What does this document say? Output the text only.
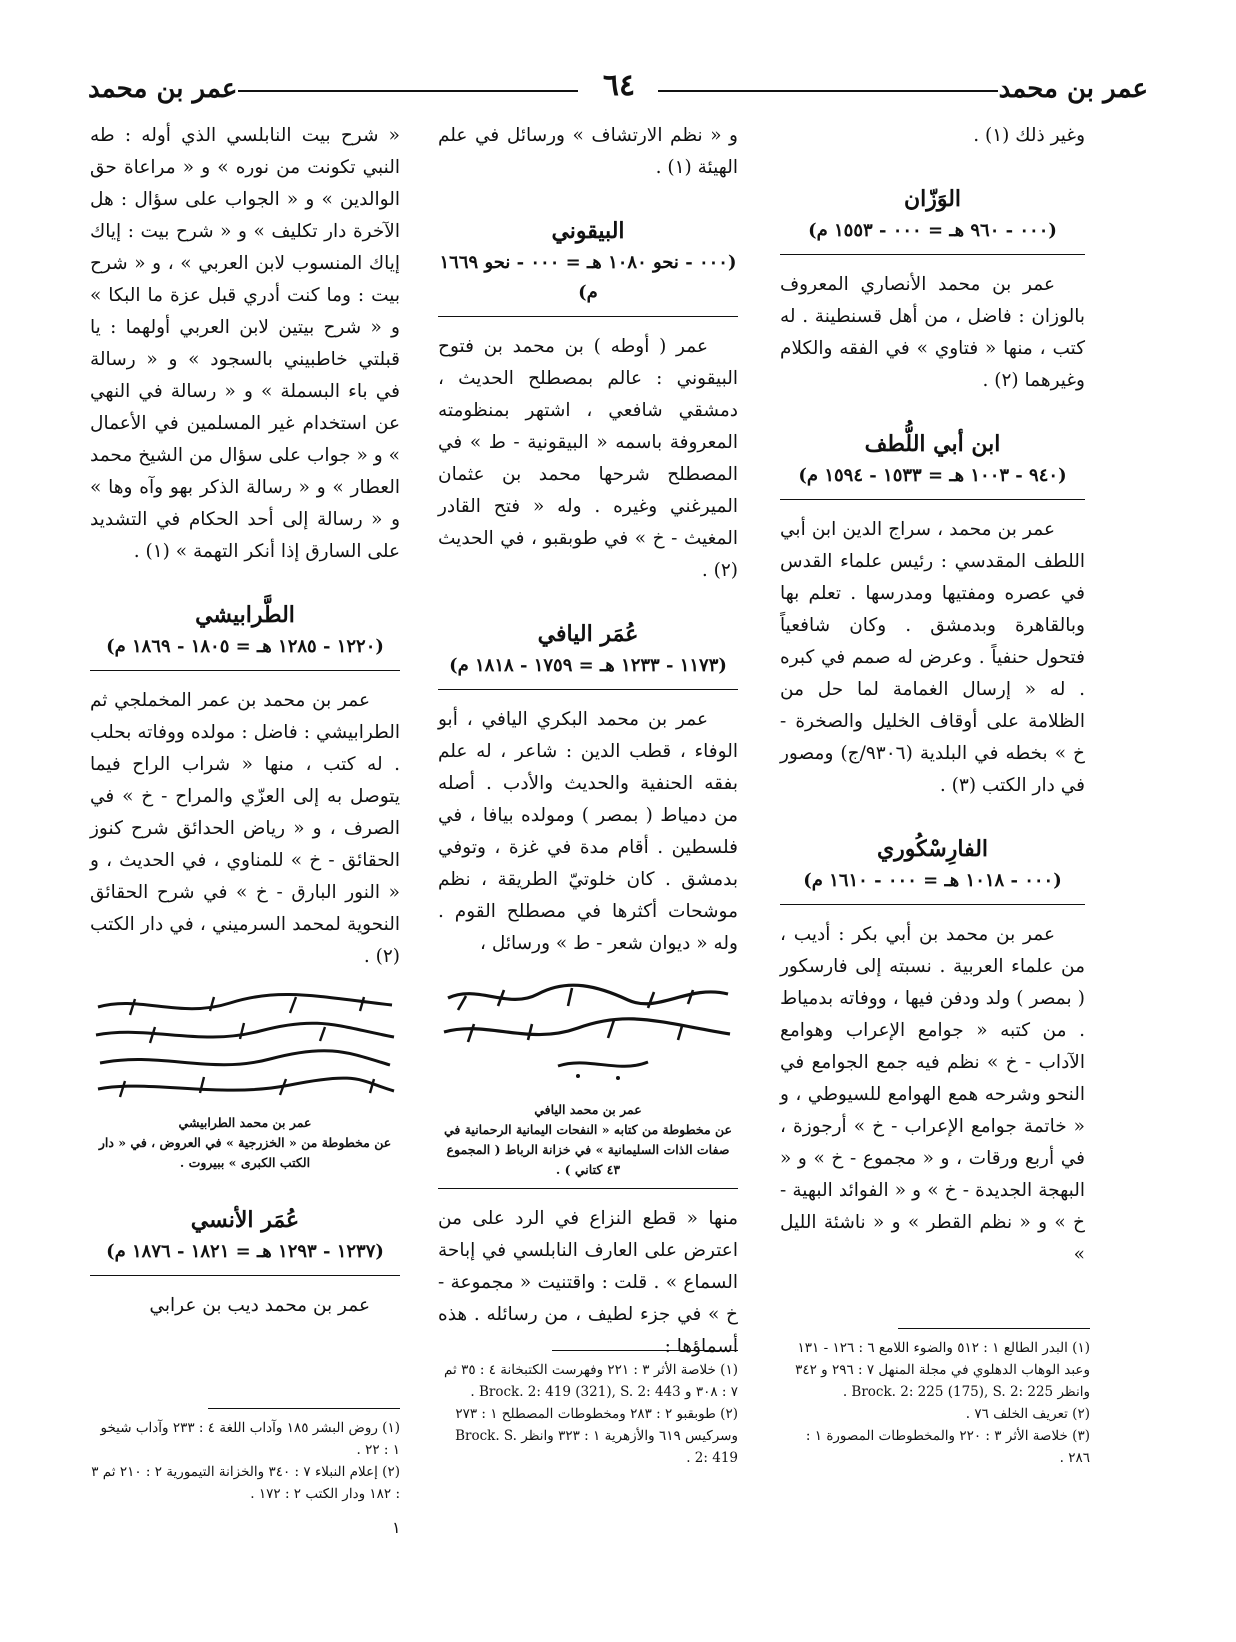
عمر بن محمد
٦٤
عمر بن محمد

وغير ذلك (١) .

الوَزّان
(٠٠٠ - ٩٦٠ هـ = ٠٠٠ - ١٥٥٣ م)

عمر بن محمد الأنصاري المعروف بالوزان : فاضل ، من أهل قسنطينة . له كتب ، منها « فتاوي » في الفقه والكلام وغيرهما (٢) .

ابن أبي اللُّطف
(٩٤٠ - ١٠٠٣ هـ = ١٥٣٣ - ١٥٩٤ م)

عمر بن محمد ، سراج الدين ابن أبي اللطف المقدسي : رئيس علماء القدس في عصره ومفتيها ومدرسها . تعلم بها وبالقاهرة وبدمشق . وكان شافعياً فتحول حنفياً . وعرض له صمم في كبره . له « إرسال الغمامة لما حل من الظلامة على أوقاف الخليل والصخرة - خ » بخطه في البلدية (٩٣٠٦/ج) ومصور في دار الكتب (٣) .

الفارِسْكُوري
(٠٠٠ - ١٠١٨ هـ = ٠٠٠ - ١٦١٠ م)

عمر بن محمد بن أبي بكر : أديب ، من علماء العربية . نسبته إلى فارسكور ( بمصر ) ولد ودفن فيها ، ووفاته بدمياط . من كتبه « جوامع الإعراب وهوامع الآداب - خ » نظم فيه جمع الجوامع في النحو وشرحه همع الهوامع للسيوطي ، و « خاتمة جوامع الإعراب - خ » أرجوزة ، في أربع ورقات ، و « مجموع - خ » و « البهجة الجديدة - خ » و « الفوائد البهية - خ » و « نظم القطر » و « ناشئة الليل »

و « نظم الارتشاف » ورسائل في علم الهيئة (١) .

البيقوني
(٠٠٠ - نحو ١٠٨٠ هـ = ٠٠٠ - نحو ١٦٦٩ م)

عمر ( أوطه ) بن محمد بن فتوح البيقوني : عالم بمصطلح الحديث ، دمشقي شافعي ، اشتهر بمنظومته المعروفة باسمه « البيقونية - ط » في المصطلح شرحها محمد بن عثمان الميرغني وغيره . وله « فتح القادر المغيث - خ » في طوبقبو ، في الحديث (٢) .

عُمَر اليافي
(١١٧٣ - ١٢٣٣ هـ = ١٧٥٩ - ١٨١٨ م)

عمر بن محمد البكري اليافي ، أبو الوفاء ، قطب الدين : شاعر ، له علم بفقه الحنفية والحديث والأدب . أصله من دمياط ( بمصر ) ومولده بيافا ، في فلسطين . أقام مدة في غزة ، وتوفي بدمشق . كان خلوتيّ الطريقة ، نظم موشحات أكثرها في مصطلح القوم . وله « ديوان شعر - ط » ورسائل ،

عمر بن محمد اليافي
عن مخطوطة من كتابه « النفحات اليمانية الرحمانية في صفات الذات السليمانية » في خزانة الرباط ( المجموع ٤٣ كتاني ) .

منها « قطع النزاع في الرد على من اعترض على العارف النابلسي في إباحة السماع » . قلت : واقتنيت « مجموعة - خ » في جزء لطيف ، من رسائله . هذه أسماؤها :

« شرح بيت النابلسي الذي أوله : طه النبي تكونت من نوره » و « مراعاة حق الوالدين » و « الجواب على سؤال : هل الآخرة دار تكليف » و « شرح بيت : إياك إياك المنسوب لابن العربي » ، و « شرح بيت : وما كنت أدري قبل عزة ما البكا » و « شرح بيتين لابن العربي أولهما : يا قبلتي خاطبيني بالسجود » و « رسالة في باء البسملة » و « رسالة في النهي عن استخدام غير المسلمين في الأعمال » و « جواب على سؤال من الشيخ محمد العطار » و « رسالة الذكر بهو وآه وها » و « رسالة إلى أحد الحكام في التشديد على السارق إذا أنكر التهمة » (١) .

الطَّرابيشي
(١٢٢٠ - ١٢٨٥ هـ = ١٨٠٥ - ١٨٦٩ م)

عمر بن محمد بن عمر المخملجي ثم الطرابيشي : فاضل : مولده ووفاته بحلب . له كتب ، منها « شراب الراح فيما يتوصل به إلى العزّي والمراح - خ » في الصرف ، و « رياض الحدائق شرح كنوز الحقائق - خ » للمناوي ، في الحديث ، و « النور البارق - خ » في شرح الحقائق النحوية لمحمد السرميني ، في دار الكتب (٢) .

عمر بن محمد الطرابيشي
عن مخطوطة من « الخزرجية » في العروض ، في « دار الكتب الكبرى » ببيروت .
عُمَر الأنسي
(١٢٣٧ - ١٢٩٣ هـ = ١٨٢١ - ١٨٧٦ م)

عمر بن محمد ديب بن عرابي

(١) البدر الطالع ١ : ٥١٢ والضوء اللامع ٦ : ١٢٦ - ١٣١ وعبد الوهاب الدهلوي في مجلة المنهل ٧ : ٢٩٦ و ٣٤٢ وانظر Brock. 2: 225 (175), S. 2: 225 .
(٢) تعريف الخلف ٧٦ .
(٣) خلاصة الأثر ٣ : ٢٢٠ والمخطوطات المصورة ١ : ٢٨٦ .
(١) خلاصة الأثر ٣ : ٢٢١ وفهرست الكتبخانة ٤ : ٣٥ ثم ٧ : ٣٠٨ و Brock. 2: 419 (321), S. 2: 443 .
(٢) طوبقبو ٢ : ٢٨٣ ومخطوطات المصطلح ١ : ٢٧٣ وسركيس ٦١٩ والأزهرية ١ : ٣٢٣ وانظر Brock. S. 2: 419 .
(١) روض البشر ١٨٥ وآداب اللغة ٤ : ٢٣٣ وآداب شيخو ١ : ٢٢ .
(٢) إعلام النبلاء ٧ : ٣٤٠ والخزانة التيمورية ٢ : ٢١٠ ثم ٣ : ١٨٢ ودار الكتب ٢ : ١٧٢ .
١
